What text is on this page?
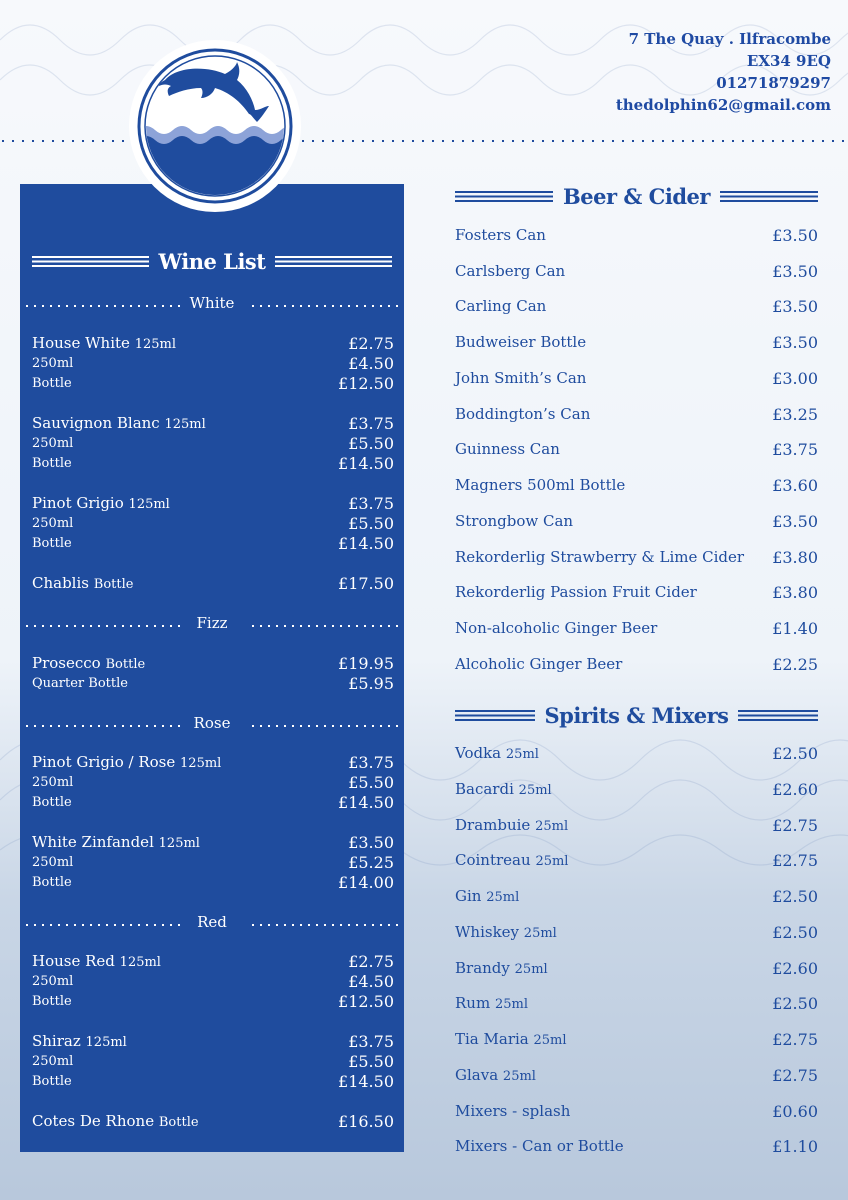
7 The Quay . Ilfracombe
EX34 9EQ
01271879297
thedolphin62@gmail.com
Wine List
White
House White 125ml	£2.75
250ml	£4.50
Bottle	£12.50
Sauvignon Blanc 125ml	£3.75
250ml	£5.50
Bottle	£14.50
Pinot Grigio 125ml	£3.75
250ml	£5.50
Bottle	£14.50
Chablis Bottle	£17.50
Fizz
Prosecco Bottle	£19.95
Quarter Bottle	£5.95
Rose
Pinot Grigio / Rose 125ml	£3.75
250ml	£5.50
Bottle	£14.50
White Zinfandel 125ml	£3.50
250ml	£5.25
Bottle	£14.00
Red
House Red 125ml	£2.75
250ml	£4.50
Bottle	£12.50
Shiraz 125ml	£3.75
250ml	£5.50
Bottle	£14.50
Cotes De Rhone Bottle	£16.50
Beer & Cider
Fosters Can	£3.50
Carlsberg Can	£3.50
Carling Can	£3.50
Budweiser Bottle	£3.50
John Smith’s Can	£3.00
Boddington’s Can	£3.25
Guinness Can	£3.75
Magners 500ml Bottle	£3.60
Strongbow Can	£3.50
Rekorderlig Strawberry & Lime Cider £3.80
Rekorderlig Passion Fruit Cider	£3.80
Non-alcoholic Ginger Beer	£1.40
Alcoholic Ginger Beer	£2.25
Spirits & Mixers
Vodka 25ml	£2.50
Bacardi 25ml	£2.60
Drambuie 25ml	£2.75
Cointreau 25ml	£2.75
Gin 25ml	£2.50
Whiskey 25ml	£2.50
Brandy 25ml	£2.60
Rum 25ml	£2.50
Tia Maria 25ml	£2.75
Glava 25ml	£2.75
Mixers - splash	£0.60
Mixers - Can or Bottle	£1.10
